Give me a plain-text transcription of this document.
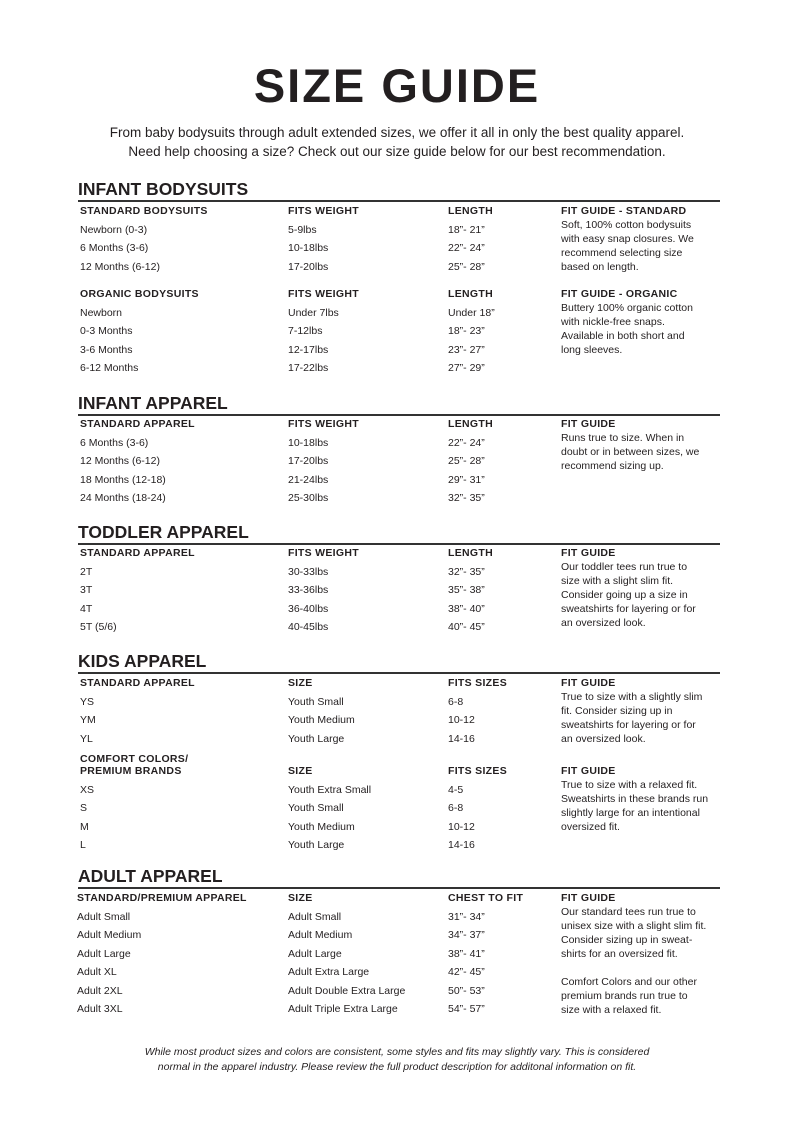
SIZE GUIDE
From baby bodysuits through adult extended sizes, we offer it all in only the best quality apparel.
Need help choosing a size? Check out our size guide below for our best recommendation.
INFANT BODYSUITS
STANDARD BODYSUITS	FITS WEIGHT	LENGTH	FIT GUIDE - STANDARD
Newborn (0-3)	5-9lbs	18”- 21”
6 Months (3-6)	10-18lbs	22”- 24”
12 Months (6-12)	17-20lbs	25”- 28”
Soft, 100% cotton bodysuits
with easy snap closures. We
recommend selecting size
based on length.
ORGANIC BODYSUITS	FITS WEIGHT	LENGTH	FIT GUIDE - ORGANIC
Newborn	Under 7lbs	Under 18”
0-3 Months	7-12lbs	18”- 23”
3-6 Months	12-17lbs	23”- 27”
6-12 Months	17-22lbs	27”- 29”
Buttery 100% organic cotton
with nickle-free snaps.
Available in both short and
long sleeves.
INFANT APPAREL
STANDARD APPAREL	FITS WEIGHT	LENGTH	FIT GUIDE
6 Months (3-6)	10-18lbs	22”- 24”
12 Months (6-12)	17-20lbs	25”- 28”
18 Months (12-18)	21-24lbs	29”- 31”
24 Months (18-24)	25-30lbs	32”- 35”
Runs true to size. When in
doubt or in between sizes, we
recommend sizing up.
TODDLER APPAREL
STANDARD APPAREL	FITS WEIGHT	LENGTH	FIT GUIDE
2T	30-33lbs	32”- 35”
3T	33-36lbs	35”- 38”
4T	36-40lbs	38”- 40”
5T (5/6)	40-45lbs	40”- 45”
Our toddler tees run true to
size with a slight slim fit.
Consider going up a size in
sweatshirts for layering or for
an oversized look.
KIDS APPAREL
STANDARD APPAREL	SIZE	FITS SIZES	FIT GUIDE
YS	Youth Small	6-8
YM	Youth Medium	10-12
YL	Youth Large	14-16
True to size with a slightly slim
fit. Consider sizing up in
sweatshirts for layering or for
an oversized look.
COMFORT COLORS/
PREMIUM BRANDS	SIZE	FITS SIZES	FIT GUIDE
XS	Youth Extra Small	4-5
S	Youth Small	6-8
M	Youth Medium	10-12
L	Youth Large	14-16
True to size with a relaxed fit.
Sweatshirts in these brands run
slightly large for an intentional
oversized fit.
ADULT APPAREL
STANDARD/PREMIUM APPAREL	SIZE	CHEST TO FIT	FIT GUIDE
Adult Small	Adult Small	31”- 34”
Adult Medium	Adult Medium	34”- 37”
Adult Large	Adult Large	38”- 41”
Adult XL	Adult Extra Large	42”- 45”
Adult 2XL	Adult Double Extra Large	50”- 53”
Adult 3XL	Adult Triple Extra Large	54”- 57”
Our standard tees run true to
unisex size with a slight slim fit.
Consider sizing up in sweat-
shirts for an oversized fit.
Comfort Colors and our other
premium brands run true to
size with a relaxed fit.
While most product sizes and colors are consistent, some styles and fits may slightly vary. This is considered
normal in the apparel industry. Please review the full product description for additonal information on fit.
